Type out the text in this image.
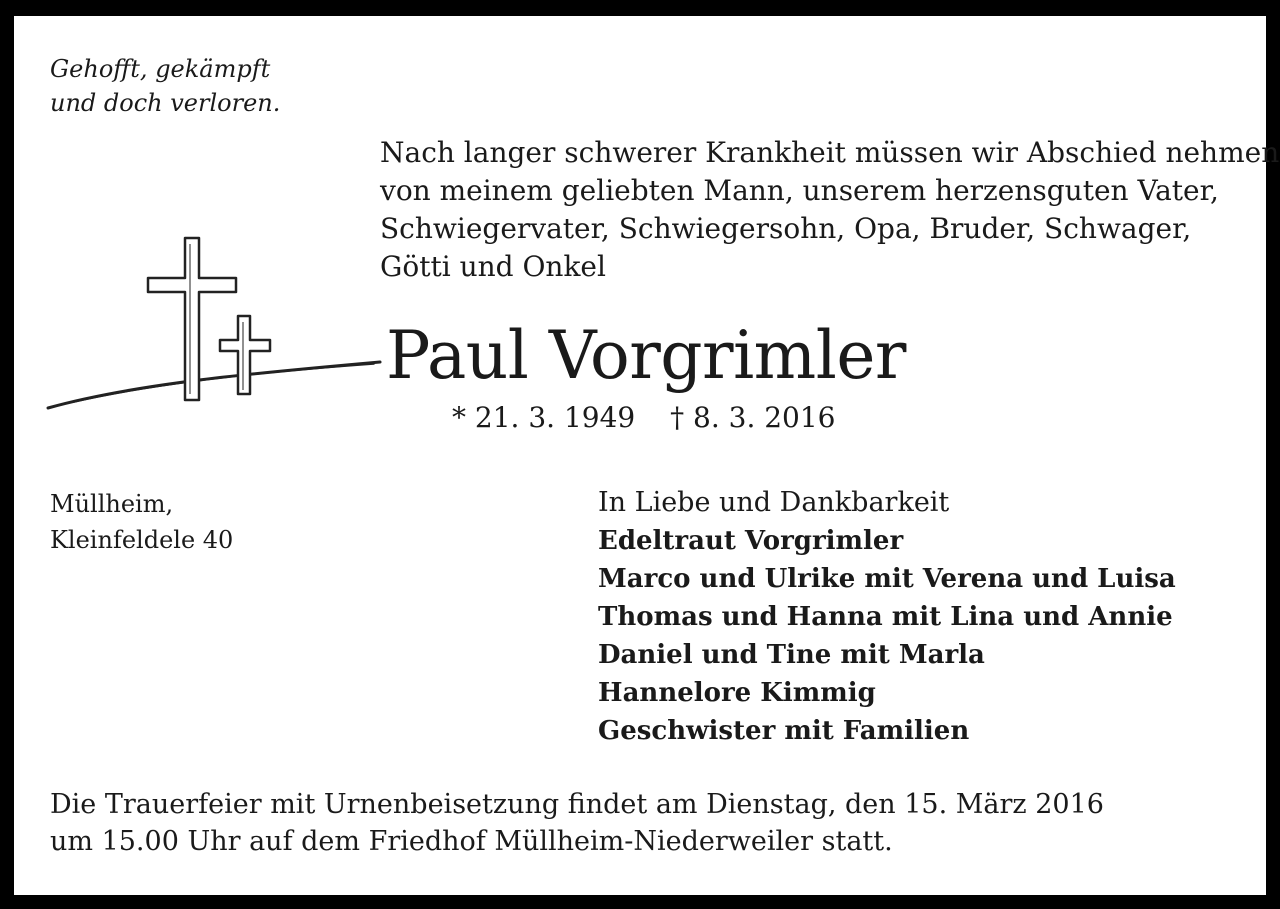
Gehofft, gekämpft
und doch verloren.
Nach langer schwerer Krankheit müssen wir Abschied nehmen
von meinem geliebten Mann, unserem herzensguten Vater,
Schwiegervater, Schwiegersohn, Opa, Bruder, Schwager,
Götti und Onkel
Paul Vorgrimler
* 21. 3. 1949 † 8. 3. 2016
Müllheim,
Kleinfeldele 40
In Liebe und Dankbarkeit
Edeltraut Vorgrimler
Marco und Ulrike mit Verena und Luisa
Thomas und Hanna mit Lina und Annie
Daniel und Tine mit Marla
Hannelore Kimmig
Geschwister mit Familien
Die Trauerfeier mit Urnenbeisetzung findet am Dienstag, den 15. März 2016
um 15.00 Uhr auf dem Friedhof Müllheim-Niederweiler statt.
